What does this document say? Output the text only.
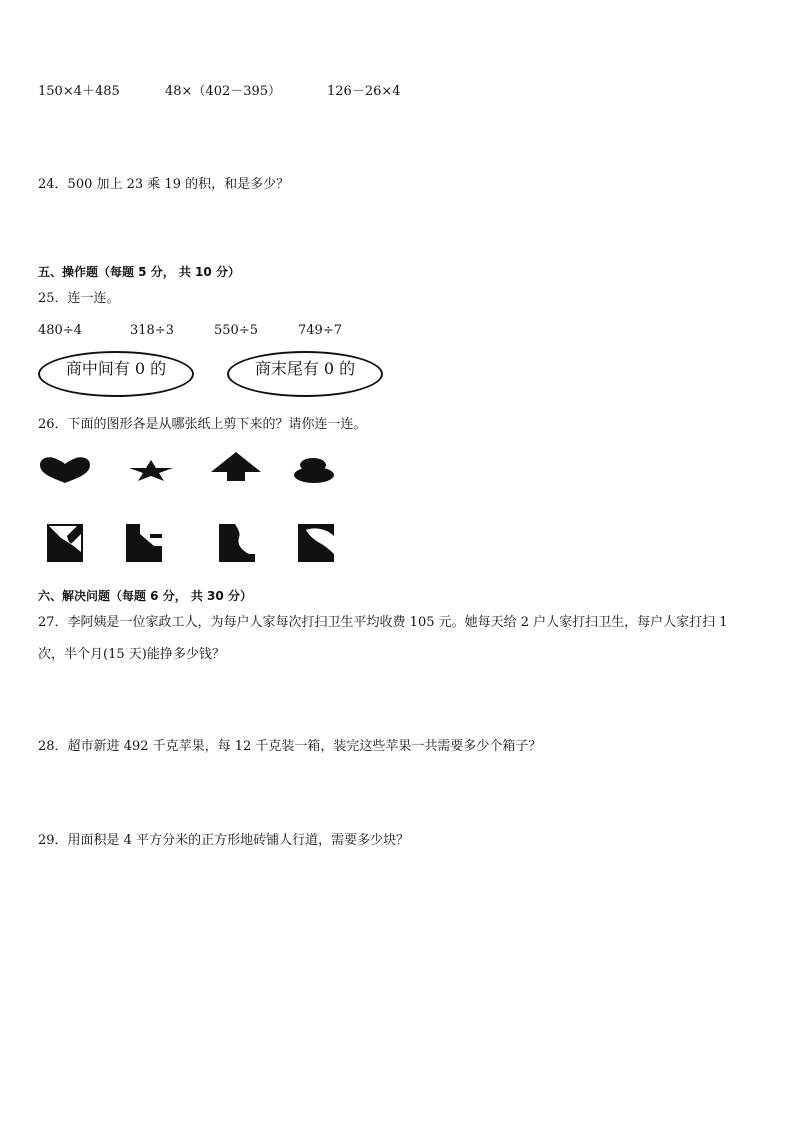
150×4＋485	48×（402－395）	126－26×4
24．500 加上 23 乘 19 的积，和是多少？
五、操作题（每题 5 分， 共 10 分）
25．连一连。
480÷4	318÷3	550÷5	749÷7
商中间有 0 的	商末尾有 0 的
26．下面的图形各是从哪张纸上剪下来的？请你连一连。
六、解决问题（每题 6 分， 共 30 分）
27．李阿姨是一位家政工人，为每户人家每次打扫卫生平均收费 105 元。她每天给 2 户人家打扫卫生，每户人家打扫 1
次，半个月(15 天)能挣多少钱？
28．超市新进 492 千克苹果，每 12 千克装一箱，装完这些苹果一共需要多少个箱子？
29．用面积是 4 平方分米的正方形地砖铺人行道，需要多少块？
